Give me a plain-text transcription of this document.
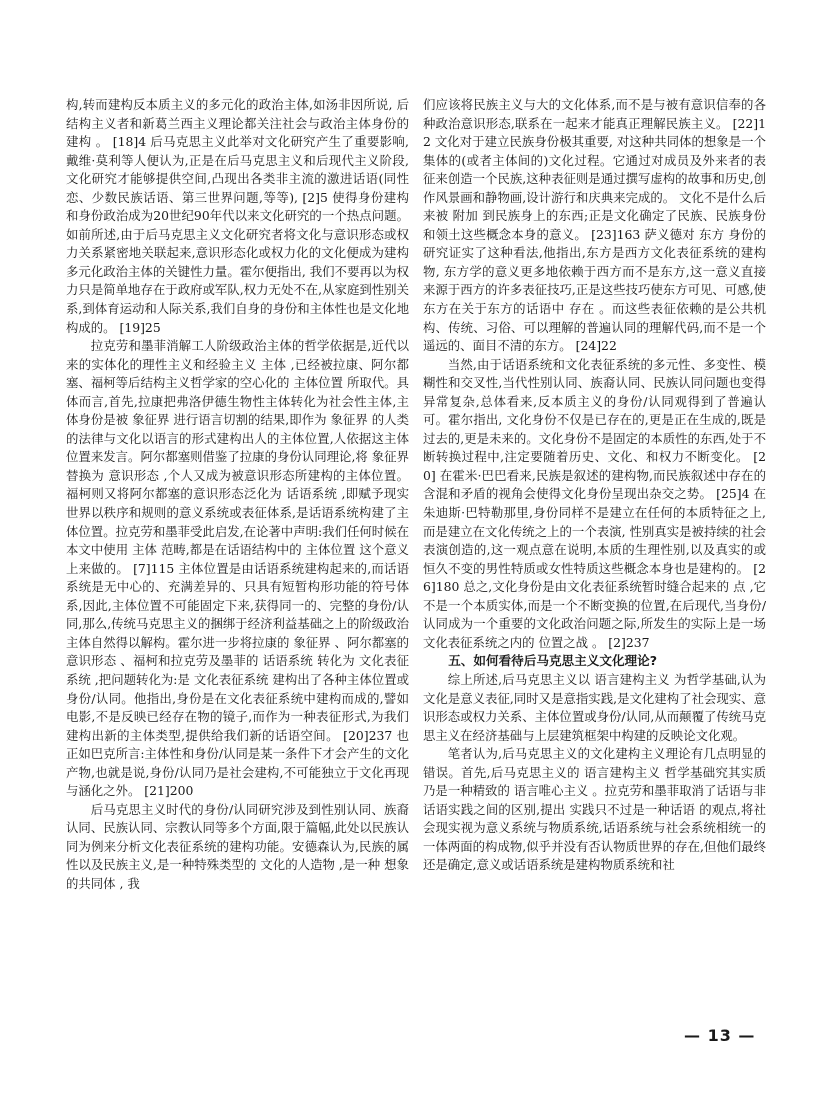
构,转而建构反本质主义的多元化的政治主体,如汤非因所说, 后结构主义者和新葛兰西主义理论都关注社会与政治主体身份的建构 。 [18]4 后马克思主义此举对文化研究产生了重要影响,戴维·莫利等人便认为,正是在后马克思主义和后现代主义阶段,文化研究才能够提供空间,凸现出各类非主流的激进话语(同性恋、少数民族话语、第三世界问题,等等), [2]5 使得身份建构和身份政治成为20世纪90年代以来文化研究的一个热点问题。如前所述,由于后马克思主义文化研究者将文化与意识形态或权力关系紧密地关联起来,意识形态化或权力化的文化便成为建构多元化政治主体的关键性力量。霍尔便指出, 我们不要再以为权力只是简单地存在于政府或军队,权力无处不在,从家庭到性别关系,到体育运动和人际关系,我们自身的身份和主体性也是文化地构成的。 [19]25

拉克劳和墨菲消解工人阶级政治主体的哲学依据是,近代以来的实体化的理性主义和经验主义 主体 ,已经被拉康、阿尔都塞、福柯等后结构主义哲学家的空心化的 主体位置 所取代。具体而言,首先,拉康把弗洛伊德生物性主体转化为社会性主体,主体身份是被 象征界 进行语言切割的结果,即作为 象征界 的人类的法律与文化以语言的形式建构出人的主体位置,人依据这主体位置来发言。阿尔都塞则借鉴了拉康的身份认同理论,将 象征界 替换为 意识形态 ,个人又成为被意识形态所建构的主体位置。福柯则又将阿尔都塞的意识形态泛化为 话语系统 ,即赋予现实世界以秩序和规则的意义系统或表征体系,是话语系统构建了主体位置。拉克劳和墨菲受此启发,在论著中声明:我们任何时候在本文中使用 主体 范畴,都是在话语结构中的 主体位置 这个意义上来做的。 [7]115 主体位置是由话语系统建构起来的,而话语系统是无中心的、充满差异的、只具有短暂构形功能的符号体系,因此,主体位置不可能固定下来,获得同一的、完整的身份/认同,那么,传统马克思主义的捆绑于经济利益基础之上的阶级政治主体自然得以解构。霍尔进一步将拉康的 象征界 、阿尔都塞的 意识形态 、福柯和拉克劳及墨菲的 话语系统 转化为 文化表征系统 ,把问题转化为:是 文化表征系统 建构出了各种主体位置或身份/认同。他指出,身份是在文化表征系统中建构而成的,譬如电影,不是反映已经存在物的镜子,而作为一种表征形式,为我们建构出新的主体类型,提供给我们新的话语空间。 [20]237 也正如巴克所言:主体性和身份/认同是某一条件下才会产生的文化产物,也就是说,身份/认同乃是社会建构,不可能独立于文化再现与涵化之外。 [21]200

后马克思主义时代的身份/认同研究涉及到性别认同、族裔认同、民族认同、宗教认同等多个方面,限于篇幅,此处以民族认同为例来分析文化表征系统的建构功能。安德森认为,民族的属性以及民族主义,是一种特殊类型的 文化的人造物 ,是一种 想象的共同体 , 我

们应该将民族主义与大的文化体系,而不是与被有意识信奉的各种政治意识形态,联系在一起来才能真正理解民族主义。 [22]12 文化对于建立民族身份极其重要, 对这种共同体的想象是一个集体的(或者主体间的)文化过程。它通过对成员及外来者的表征来创造一个民族,这种表征则是通过撰写虚构的故事和历史,创作风景画和静物画,设计游行和庆典来完成的。 文化不是什么后来被 附加 到民族身上的东西;正是文化确定了民族、民族身份和领土这些概念本身的意义。 [23]163 萨义德对 东方 身份的研究证实了这种看法,他指出,东方是西方文化表征系统的建构物, 东方学的意义更多地依赖于西方而不是东方,这一意义直接来源于西方的许多表征技巧,正是这些技巧使东方可见、可感,使东方在关于东方的话语中 存在 。而这些表征依赖的是公共机构、传统、习俗、可以理解的普遍认同的理解代码,而不是一个遥远的、面目不清的东方。 [24]22

当然,由于话语系统和文化表征系统的多元性、多变性、模糊性和交叉性,当代性别认同、族裔认同、民族认同问题也变得异常复杂,总体看来,反本质主义的身份/认同观得到了普遍认可。霍尔指出, 文化身份不仅是已存在的,更是正在生成的,既是过去的,更是未来的。文化身份不是固定的本质性的东西,处于不断转换过程中,注定要随着历史、文化、和权力不断变化。 [20] 在霍米·巴巴看来,民族是叙述的建构物,而民族叙述中存在的含混和矛盾的视角会使得文化身份呈现出杂交之势。 [25]4 在朱迪斯·巴特勒那里,身份同样不是建立在任何的本质特征之上,而是建立在文化传统之上的一个表演, 性别真实是被持续的社会表演创造的,这一观点意在说明,本质的生理性别,以及真实的或恒久不变的男性特质或女性特质这些概念本身也是建构的。 [26]180 总之,文化身份是由文化表征系统暂时缝合起来的 点 ,它不是一个本质实体,而是一个不断变换的位置,在后现代,当身份/认同成为一个重要的文化政治问题之际,所发生的实际上是一场文化表征系统之内的 位置之战 。 [2]237

五、如何看待后马克思主义文化理论?

综上所述,后马克思主义以 语言建构主义 为哲学基础,认为文化是意义表征,同时又是意指实践,是文化建构了社会现实、意识形态或权力关系、主体位置或身份/认同,从而颠覆了传统马克思主义在经济基础与上层建筑框架中构建的反映论文化观。

笔者认为,后马克思主义的文化建构主义理论有几点明显的错误。首先,后马克思主义的 语言建构主义 哲学基础究其实质乃是一种精致的 语言唯心主义 。拉克劳和墨菲取消了话语与非话语实践之间的区别,提出 实践只不过是一种话语 的观点,将社会现实视为意义系统与物质系统,话语系统与社会系统相统一的一体两面的构成物,似乎并没有否认物质世界的存在,但他们最终还是确定,意义或话语系统是建构物质系统和社

— 13 —
